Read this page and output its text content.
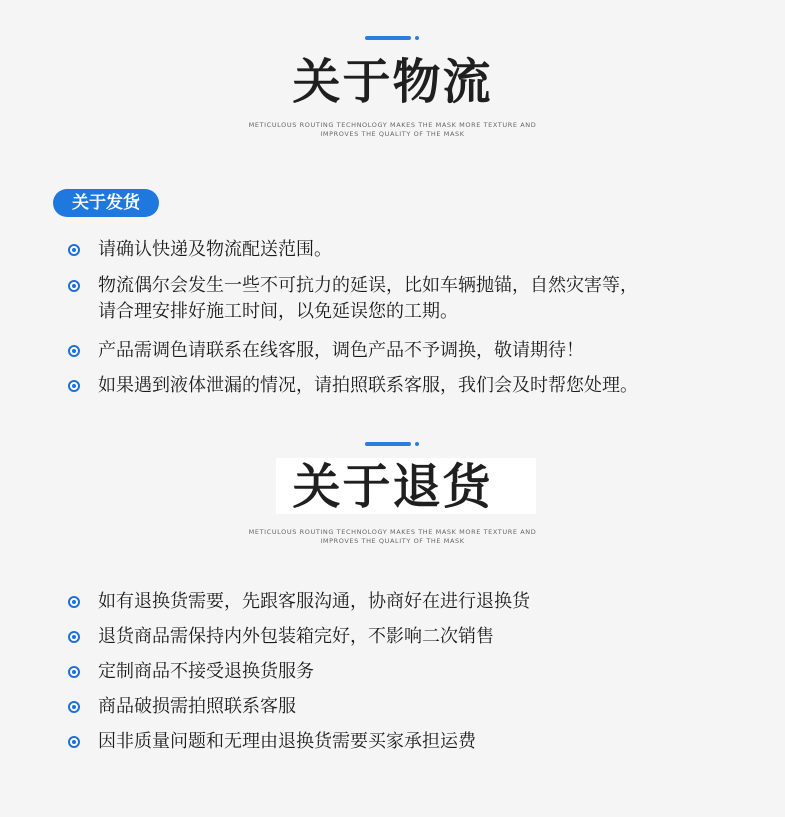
关于物流
METICULOUS ROUTING TECHNOLOGY MAKES THE MASK MORE TEXTURE AND
IMPROVES THE QUALITY OF THE MASK
关于发货
请确认快递及物流配送范围。
物流偶尔会发生一些不可抗力的延误，比如车辆抛锚，自然灾害等，
请合理安排好施工时间，以免延误您的工期。
产品需调色请联系在线客服，调色产品不予调换，敬请期待！
如果遇到液体泄漏的情况，请拍照联系客服，我们会及时帮您处理。
关于退货
METICULOUS ROUTING TECHNOLOGY MAKES THE MASK MORE TEXTURE AND
IMPROVES THE QUALITY OF THE MASK
如有退换货需要，先跟客服沟通，协商好在进行退换货
退货商品需保持内外包装箱完好，不影响二次销售
定制商品不接受退换货服务
商品破损需拍照联系客服
因非质量问题和无理由退换货需要买家承担运费
